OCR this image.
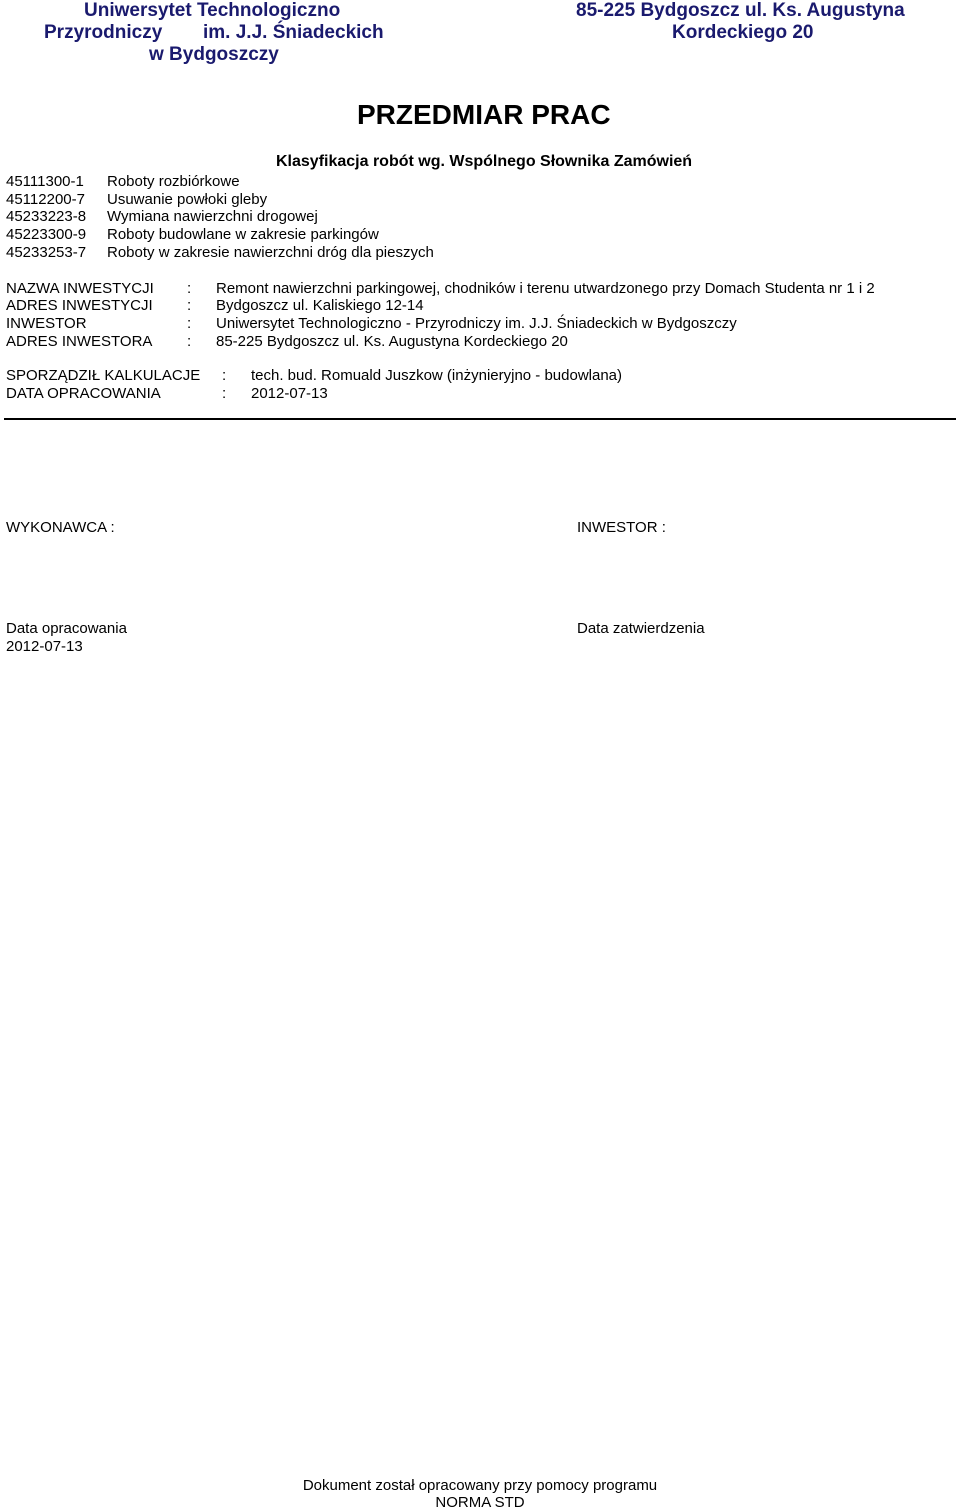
Uniwersytet Technologiczno
Przyrodniczy im. J.J. Śniadeckich
w Bydgoszczy
85-225 Bydgoszcz ul. Ks. Augustyna
Kordeckiego 20
PRZEDMIAR PRAC
Klasyfikacja robót wg. Wspólnego Słownika Zamówień
45111300-1 Roboty rozbiórkowe
45112200-7 Usuwanie powłoki gleby
45233223-8 Wymiana nawierzchni drogowej
45223300-9 Roboty budowlane w zakresie parkingów
45233253-7 Roboty w zakresie nawierzchni dróg dla pieszych
NAZWA INWESTYCJI : Remont nawierzchni parkingowej, chodników i terenu utwardzonego przy Domach Studenta nr 1 i 2
ADRES INWESTYCJI : Bydgoszcz ul. Kaliskiego 12-14
INWESTOR	: Uniwersytet Technologiczno - Przyrodniczy im. J.J. Śniadeckich w Bydgoszczy
ADRES INWESTORA : 85-225 Bydgoszcz ul. Ks. Augustyna Kordeckiego 20
SPORZĄDZIŁ KALKULACJE : tech. bud. Romuald Juszkow (inżynieryjno - budowlana)
DATA OPRACOWANIA	: 2012-07-13
WYKONAWCA :	INWESTOR :
Data opracowania
2012-07-13
Data zatwierdzenia
Dokument został opracowany przy pomocy programu
NORMA STD
